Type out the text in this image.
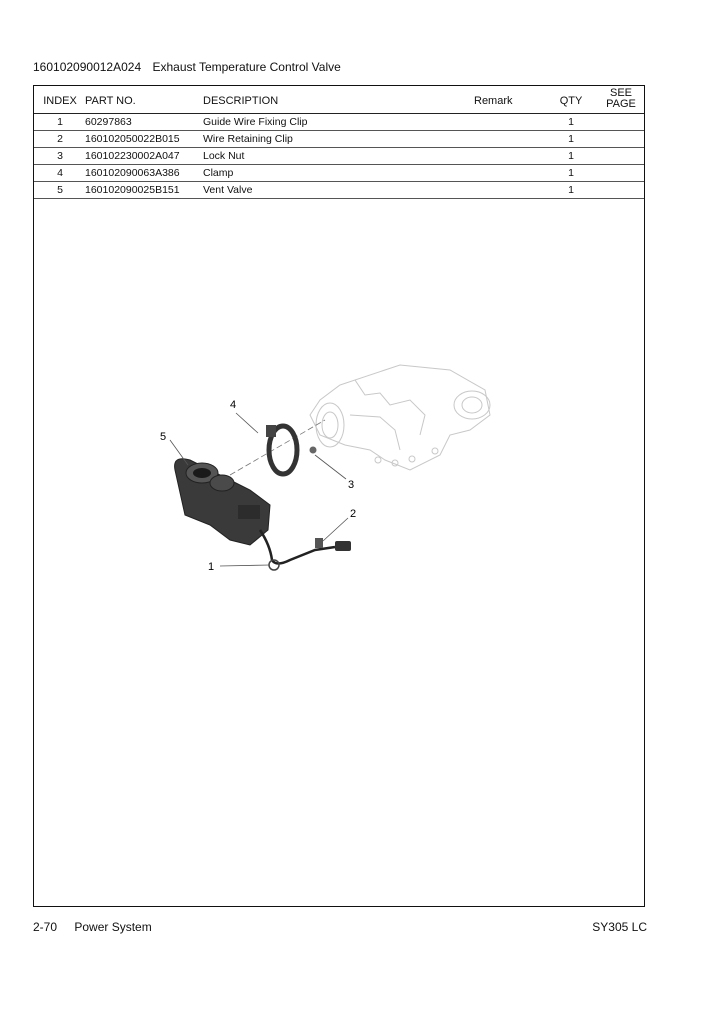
160102090012A024 Exhaust Temperature Control Valve
INDEX PART NO.	DESCRIPTION	Remark	QTY
SEE
PAGE
1	60297863	Guide Wire Fixing Clip	1
2	160102050022B015 Wire Retaining Clip	1
3	160102230002A047 Lock Nut	1
4	160102090063A386 Clamp	1
5	160102090025B151 Vent Valve	1
4
3
5
1
2
2-70 Power System	SY305 LC
